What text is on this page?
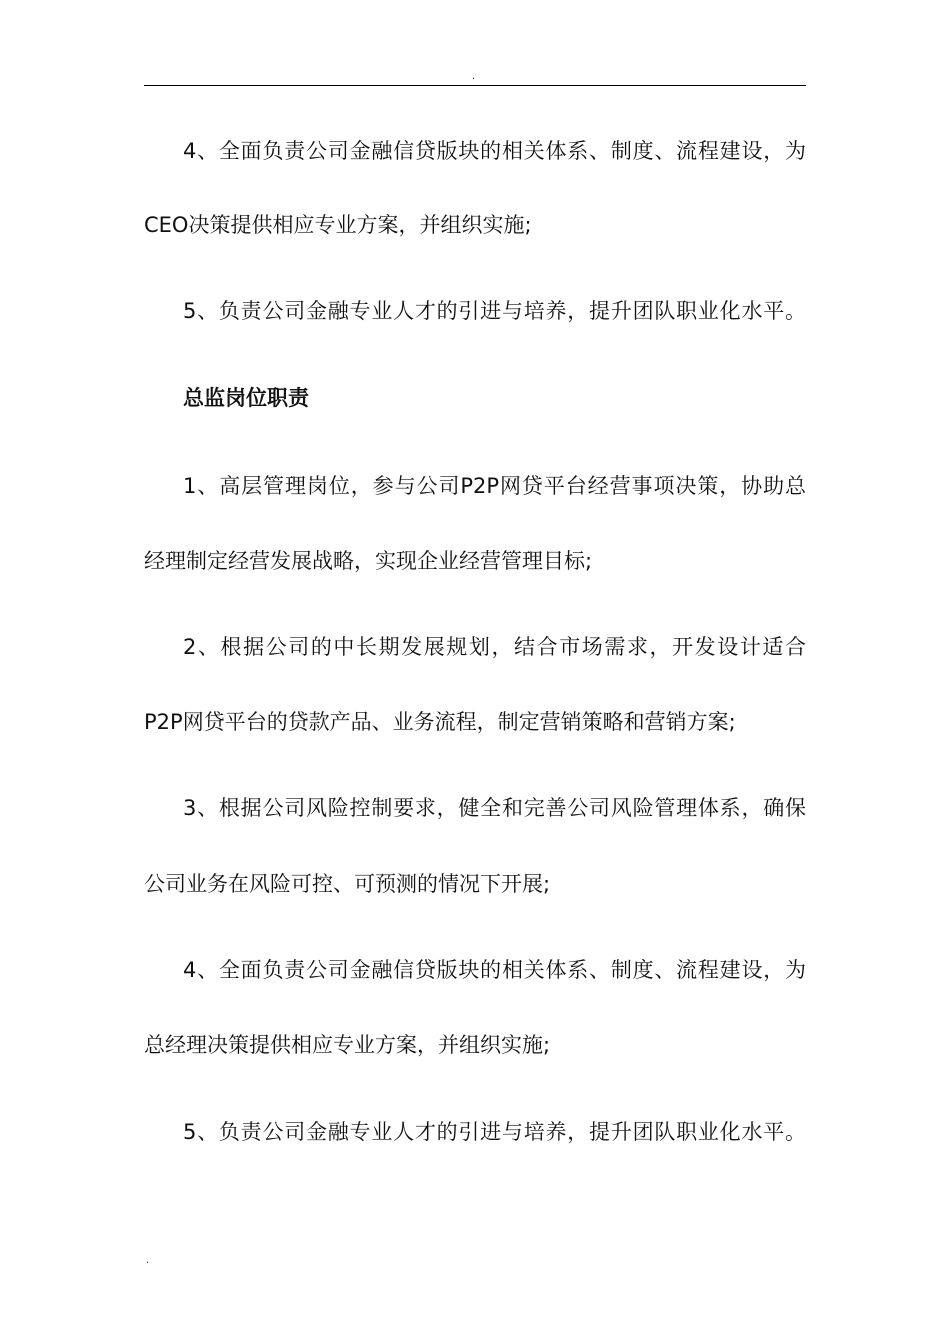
.
4、全面负责公司金融信贷版块的相关体系、制度、流程建设，为
CEO决策提供相应专业方案，并组织实施;
5、负责公司金融专业人才的引进与培养，提升团队职业化水平。
总监岗位职责
1、高层管理岗位，参与公司P2P网贷平台经营事项决策，协助总
经理制定经营发展战略，实现企业经营管理目标;
2、根据公司的中长期发展规划，结合市场需求，开发设计适合
P2P网贷平台的贷款产品、业务流程，制定营销策略和营销方案;
3、根据公司风险控制要求，健全和完善公司风险管理体系，确保
公司业务在风险可控、可预测的情况下开展;
4、全面负责公司金融信贷版块的相关体系、制度、流程建设，为
总经理决策提供相应专业方案，并组织实施;
5、负责公司金融专业人才的引进与培养，提升团队职业化水平。
.
